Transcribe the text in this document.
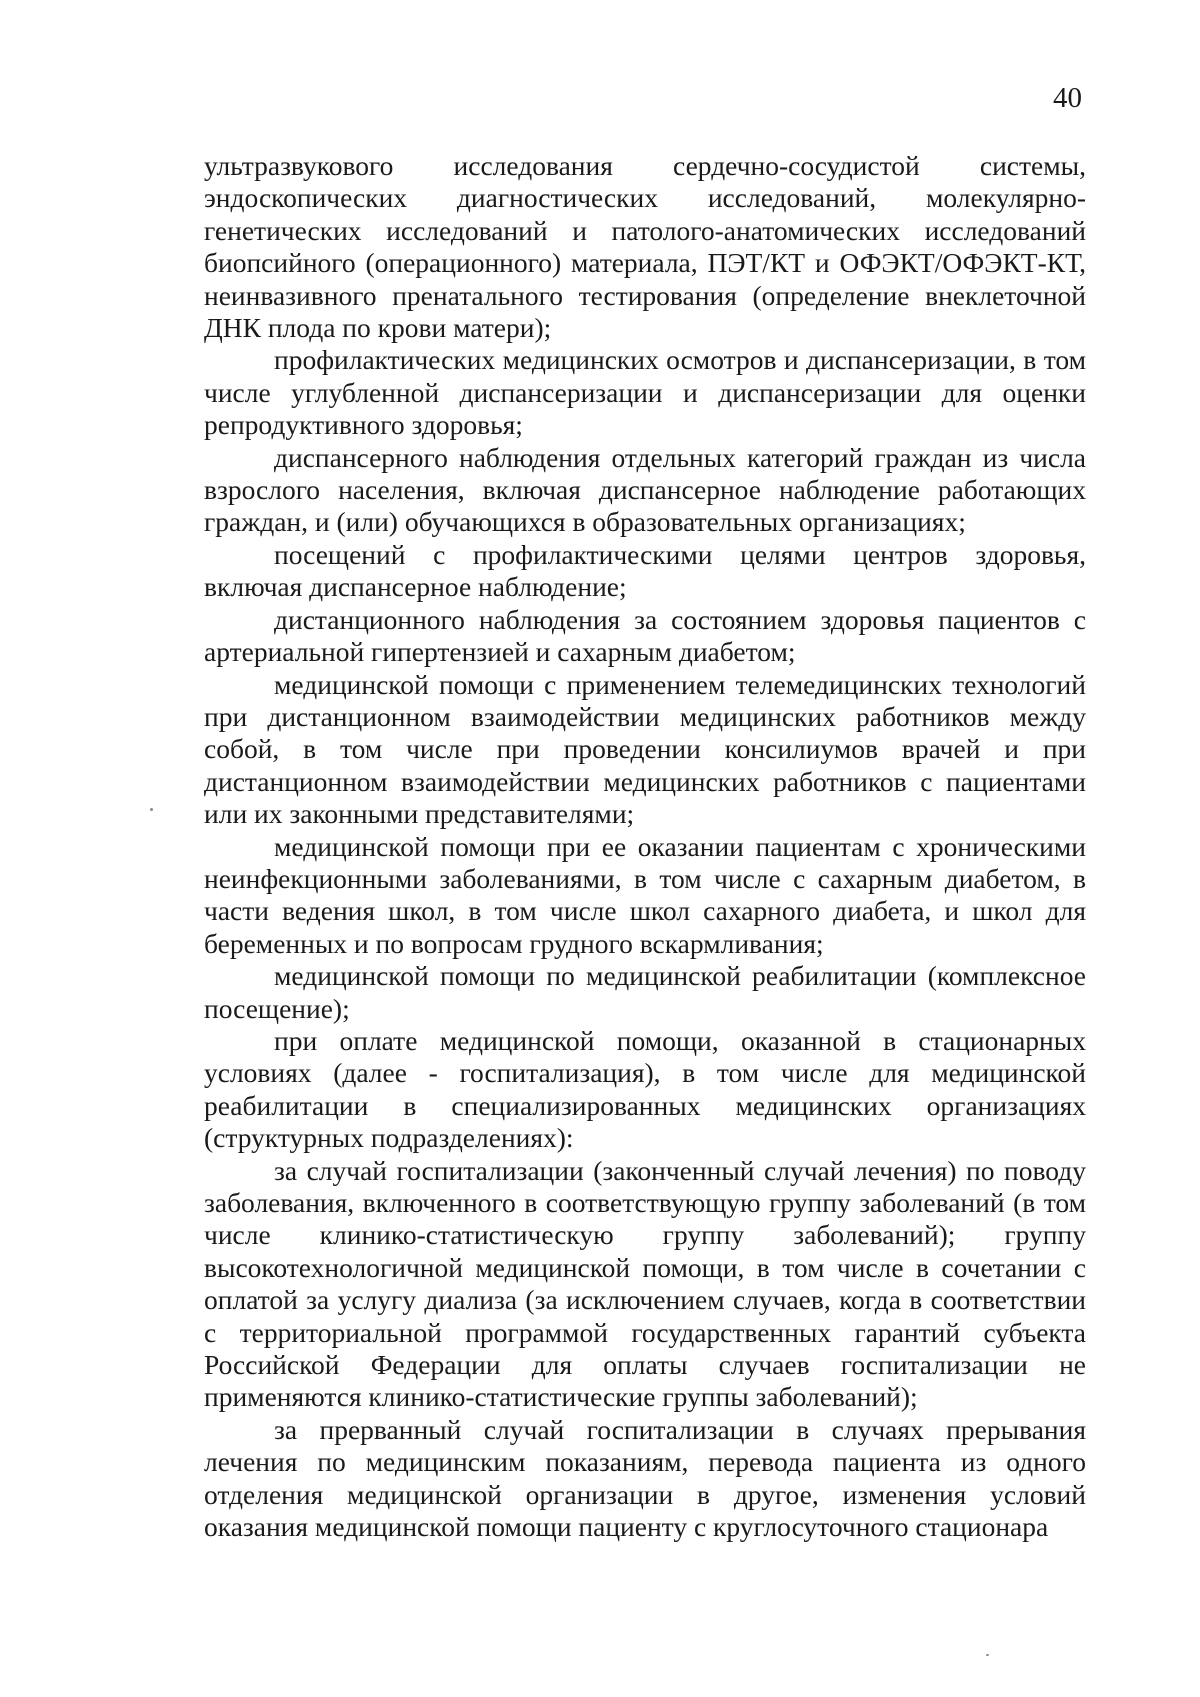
40

ультразвукового исследования сердечно-сосудистой системы, эндоскопических диагностических исследований, молекулярно-генетических исследований и патолого-анатомических исследований биопсийного (операционного) материала, ПЭТ/КТ и ОФЭКТ/ОФЭКТ-КТ, неинвазивного пренатального тестирования (определение внеклеточной ДНК плода по крови матери);

профилактических медицинских осмотров и диспансеризации, в том числе углубленной диспансеризации и диспансеризации для оценки репродуктивного здоровья;

диспансерного наблюдения отдельных категорий граждан из числа взрослого населения, включая диспансерное наблюдение работающих граждан, и (или) обучающихся в образовательных организациях;

посещений с профилактическими целями центров здоровья, включая диспансерное наблюдение;

дистанционного наблюдения за состоянием здоровья пациентов с артериальной гипертензией и сахарным диабетом;

медицинской помощи с применением телемедицинских технологий при дистанционном взаимодействии медицинских работников между собой, в том числе при проведении консилиумов врачей и при дистанционном взаимодействии медицинских работников с пациентами или их законными представителями;

медицинской помощи при ее оказании пациентам с хроническими неинфекционными заболеваниями, в том числе с сахарным диабетом, в части ведения школ, в том числе школ сахарного диабета, и школ для беременных и по вопросам грудного вскармливания;

медицинской помощи по медицинской реабилитации (комплексное посещение);

при оплате медицинской помощи, оказанной в стационарных условиях (далее - госпитализация), в том числе для медицинской реабилитации в специализированных медицинских организациях (структурных подразделениях):

за случай госпитализации (законченный случай лечения) по поводу заболевания, включенного в соответствующую группу заболеваний (в том числе клинико-статистическую группу заболеваний); группу высокотехнологичной медицинской помощи, в том числе в сочетании с оплатой за услугу диализа (за исключением случаев, когда в соответствии с территориальной программой государственных гарантий субъекта Российской Федерации для оплаты случаев госпитализации не применяются клинико-статистические группы заболеваний);

за прерванный случай госпитализации в случаях прерывания лечения по медицинским показаниям, перевода пациента из одного отделения медицинской организации в другое, изменения условий оказания медицинской помощи пациенту с круглосуточного стационара
